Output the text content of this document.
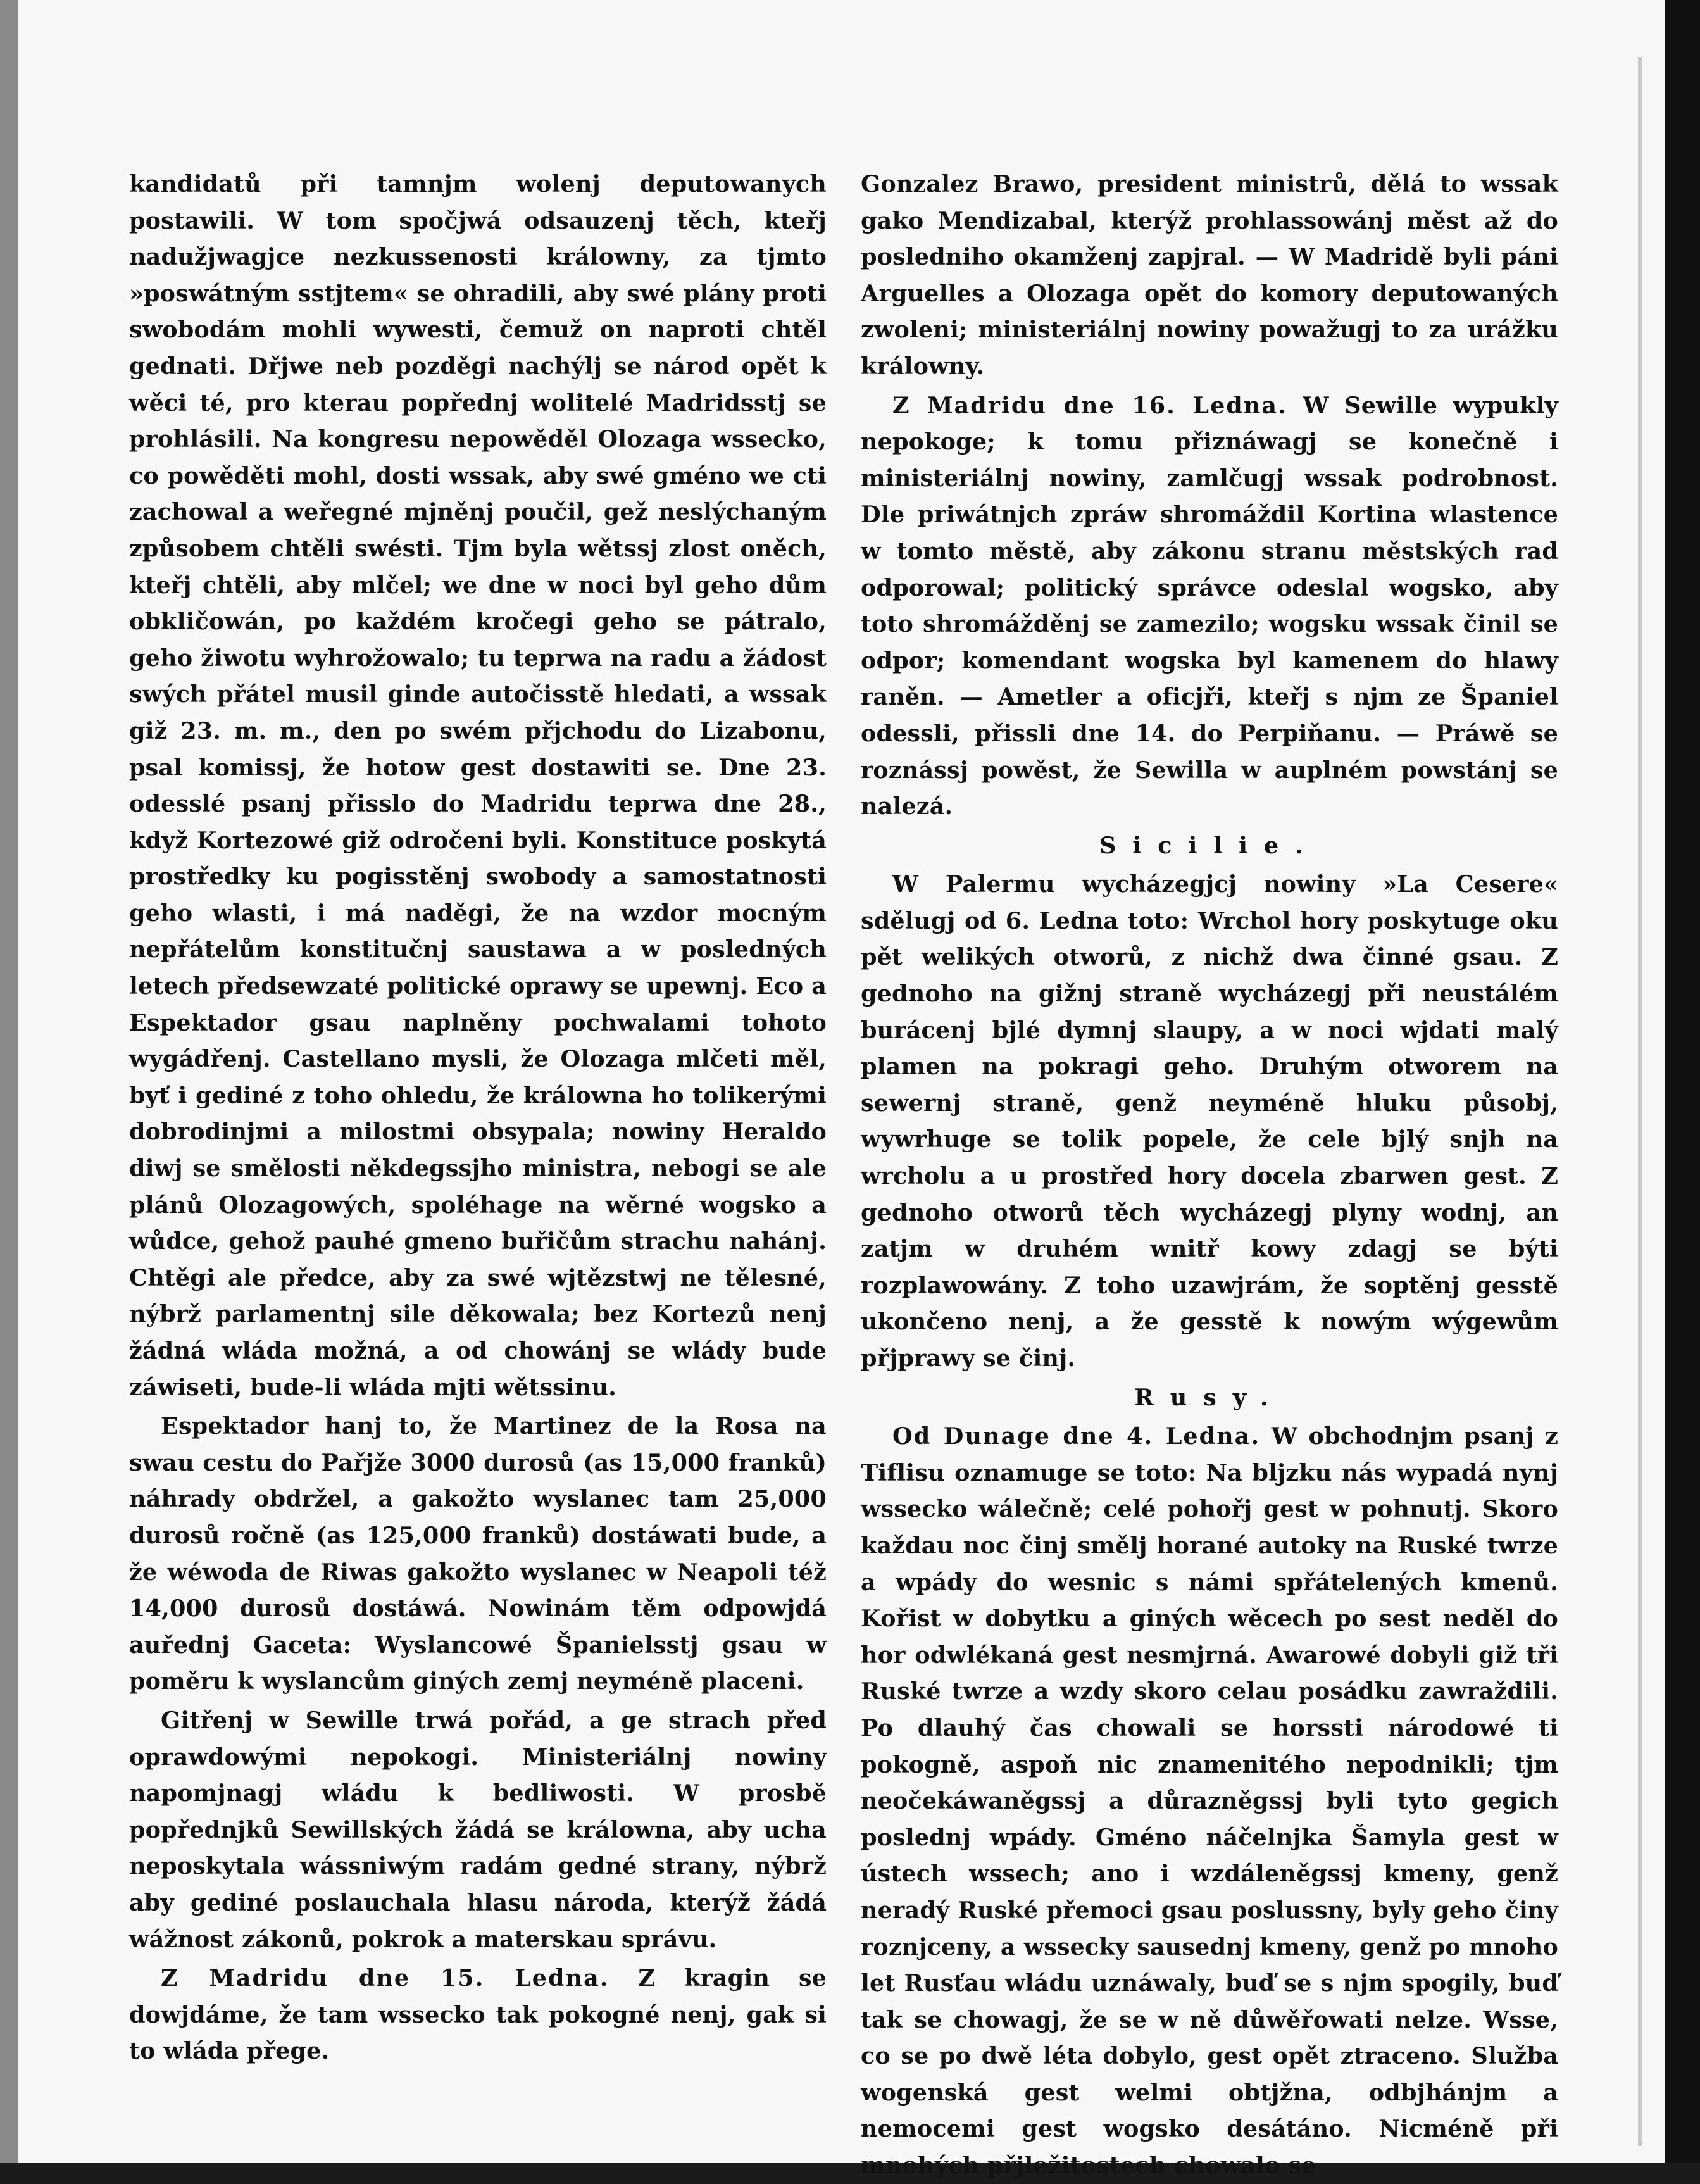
kandidatů při tamnjm wolenj deputowanych postawili. W tom spočjwá odsauzenj těch, kteřj nadužjwagjce nezkussenosti králowny, za tjmto »poswátným sstjtem« se ohradili, aby swé plány proti swobodám mohli wywesti, čemuž on naproti chtěl gednati. Dřjwe neb pozděgi nachýlj se národ opět k wěci té, pro kterau popřednj wolitelé Madridsstj se prohlásili. Na kongresu nepowěděl Olozaga wssecko, co powěděti mohl, dosti wssak, aby swé gméno we cti zachowal a weřegné mjněnj poučil, gež neslýchaným způsobem chtěli swésti. Tjm byla wětssj zlost oněch, kteřj chtěli, aby mlčel; we dne w noci byl geho dům obkličowán, po každém kročegi geho se pátralo, geho žiwotu wyhrožowalo; tu teprwa na radu a žádost swých přátel musil ginde autočisstě hledati, a wssak giž 23. m. m., den po swém přjchodu do Lizabonu, psal komissj, že hotow gest dostawiti se. Dne 23. odesslé psanj přisslo do Madridu teprwa dne 28., když Kortezowé giž odročeni byli. Konstituce poskytá prostředky ku pogisstěnj swobody a samostatnosti geho wlasti, i má naděgi, že na wzdor mocným nepřátelům konstitučnj saustawa a w posledných letech předsewzaté politické oprawy se upewnj. Eco a Espektador gsau naplněny pochwalami tohoto wygádřenj. Castellano mysli, že Olozaga mlčeti měl, byť i gediné z toho ohledu, že králowna ho tolikerými dobrodinjmi a milostmi obsypala; nowiny Heraldo diwj se smělosti někdegssjho ministra, nebogi se ale plánů Olozagowých, spoléhage na wěrné wogsko a wůdce, gehož pauhé gmeno buřičům strachu nahánj. Chtěgi ale předce, aby za swé wjtězstwj ne tělesné, nýbrž parlamentnj sile děkowala; bez Kortezů nenj žádná wláda možná, a od chowánj se wlády bude záwiseti, bude-li wláda mjti wětssinu.

Espektador hanj to, že Martinez de la Rosa na swau cestu do Pařjže 3000 durosů (as 15,000 franků) náhrady obdržel, a gakožto wyslanec tam 25,000 durosů ročně (as 125,000 franků) dostáwati bude, a že wéwoda de Riwas gakožto wyslanec w Neapoli též 14,000 durosů dostáwá. Nowinám těm odpowjdá auřednj Gaceta: Wyslancowé Španielsstj gsau w poměru k wyslancům giných zemj neyméně placeni.

Gitřenj w Sewille trwá pořád, a ge strach před oprawdowými nepokogi. Ministeriálnj nowiny napomjnagj wládu k bedliwosti. W prosbě popřednjků Sewillských žádá se králowna, aby ucha neposkytala wássniwým radám gedné strany, nýbrž aby gediné poslauchala hlasu národa, kterýž žádá wážnost zákonů, pokrok a materskau správu.

Z Madridu dne 15. Ledna. Z kragin se dowjdáme, že tam wssecko tak pokogné nenj, gak si to wláda přege.

Gonzalez Brawo, president ministrů, dělá to wssak gako Mendizabal, kterýž prohlassowánj měst až do posledniho okamženj zapjral. — W Madridě byli páni Arguelles a Olozaga opět do komory deputowaných zwoleni; ministeriálnj nowiny powažugj to za urážku králowny.

Z Madridu dne 16. Ledna. W Sewille wypukly nepokoge; k tomu přiznáwagj se konečně i ministeriálnj nowiny, zamlčugj wssak podrobnost. Dle priwátnjch zpráw shromáždil Kortina wlastence w tomto městě, aby zákonu stranu městských rad odporowal; politický správce odeslal wogsko, aby toto shromážděnj se zamezilo; wogsku wssak činil se odpor; komendant wogska byl kamenem do hlawy raněn. — Ametler a oficjři, kteřj s njm ze Španiel odessli, přissli dne 14. do Perpiňanu. — Práwě se roznássj powěst, že Sewilla w auplném powstánj se nalezá.

Sicilie.

W Palermu wycházegjcj nowiny »La Cesere« sdělugj od 6. Ledna toto: Wrchol hory poskytuge oku pět welikých otworů, z nichž dwa činné gsau. Z gednoho na gižnj straně wycházegj při neustálém burácenj bjlé dymnj slaupy, a w noci wjdati malý plamen na pokragi geho. Druhým otworem na sewernj straně, genž neyméně hluku působj, wywrhuge se tolik popele, že cele bjlý snjh na wrcholu a u prostřed hory docela zbarwen gest. Z gednoho otworů těch wycházegj plyny wodnj, an zatjm w druhém wnitř kowy zdagj se býti rozplawowány. Z toho uzawjrám, že soptěnj gesstě ukončeno nenj, a že gesstě k nowým wýgewům přjprawy se činj.

Rusy.

Od Dunage dne 4. Ledna. W obchodnjm psanj z Tiflisu oznamuge se toto: Na bljzku nás wypadá nynj wssecko wálečně; celé pohořj gest w pohnutj. Skoro každau noc činj smělj horané autoky na Ruské twrze a wpády do wesnic s námi spřátelených kmenů. Kořist w dobytku a giných wěcech po sest neděl do hor odwlékaná gest nesmjrná. Awarowé dobyli giž tři Ruské twrze a wzdy skoro celau posádku zawraždili. Po dlauhý čas chowali se horssti národowé ti pokogně, aspoň nic znamenitého nepodnikli; tjm neočekáwaněgssj a důrazněgssj byli tyto gegich poslednj wpády. Gméno náčelnjka Šamyla gest w ústech wssech; ano i wzdáleněgssj kmeny, genž neradý Ruské přemoci gsau poslussny, byly geho činy roznjceny, a wssecky sausednj kmeny, genž po mnoho let Rusťau wládu uznáwaly, buď se s njm spogily, buď tak se chowagj, že se w ně důwěřowati nelze. Wsse, co se po dwě léta dobylo, gest opět ztraceno. Služba wogenská gest welmi obtjžna, odbjhánjm a nemocemi gest wogsko desátáno. Nicméně při mnohých přjležitostech chowalo se
